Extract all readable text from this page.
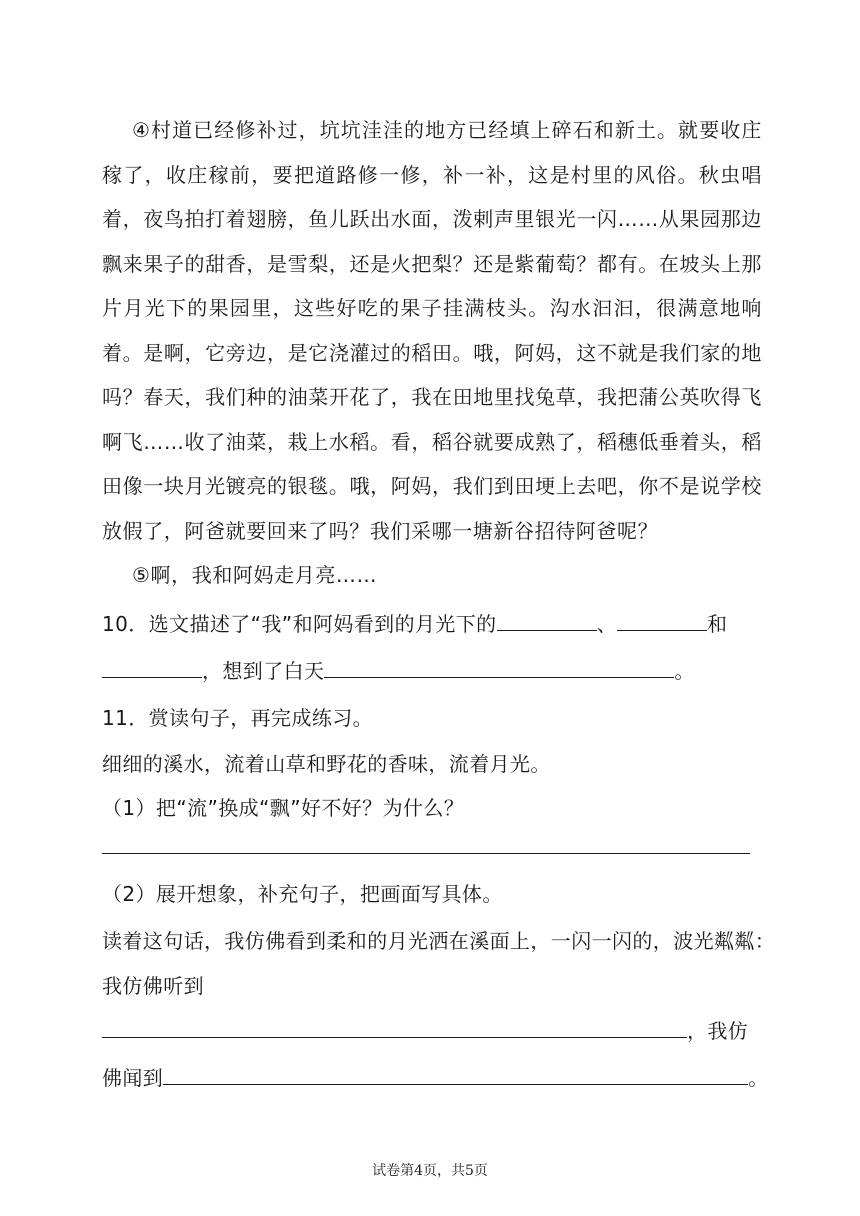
④村道已经修补过，坑坑洼洼的地方已经填上碎石和新土。就要收庄稼了，收庄稼前，要把道路修一修，补一补，这是村里的风俗。秋虫唱着，夜鸟拍打着翅膀，鱼儿跃出水面，泼剌声里银光一闪……从果园那边飘来果子的甜香，是雪梨，还是火把梨？还是紫葡萄？都有。在坡头上那片月光下的果园里，这些好吃的果子挂满枝头。沟水汩汩，很满意地响着。是啊，它旁边，是它浇灌过的稻田。哦，阿妈，这不就是我们家的地吗？春天，我们种的油菜开花了，我在田地里找兔草，我把蒲公英吹得飞啊飞……收了油菜，栽上水稻。看，稻谷就要成熟了，稻穗低垂着头，稻田像一块月光镀亮的银毯。哦，阿妈，我们到田埂上去吧，你不是说学校放假了，阿爸就要回来了吗？我们采哪一塘新谷招待阿爸呢？

⑤啊，我和阿妈走月亮……

10．选文描述了“我”和阿妈看到的月光下的	、	和
，想到了白天	。
11．赏读句子，再完成练习。
细细的溪水，流着山草和野花的香味，流着月光。
（1）把“流”换成“飘”好不好？为什么？
（2）展开想象，补充句子，把画面写具体。
读着这句话，我仿佛看到柔和的月光洒在溪面上，一闪一闪的，波光粼粼：
我仿佛听到
，我仿
佛闻到	。
试卷第4页，共5页
